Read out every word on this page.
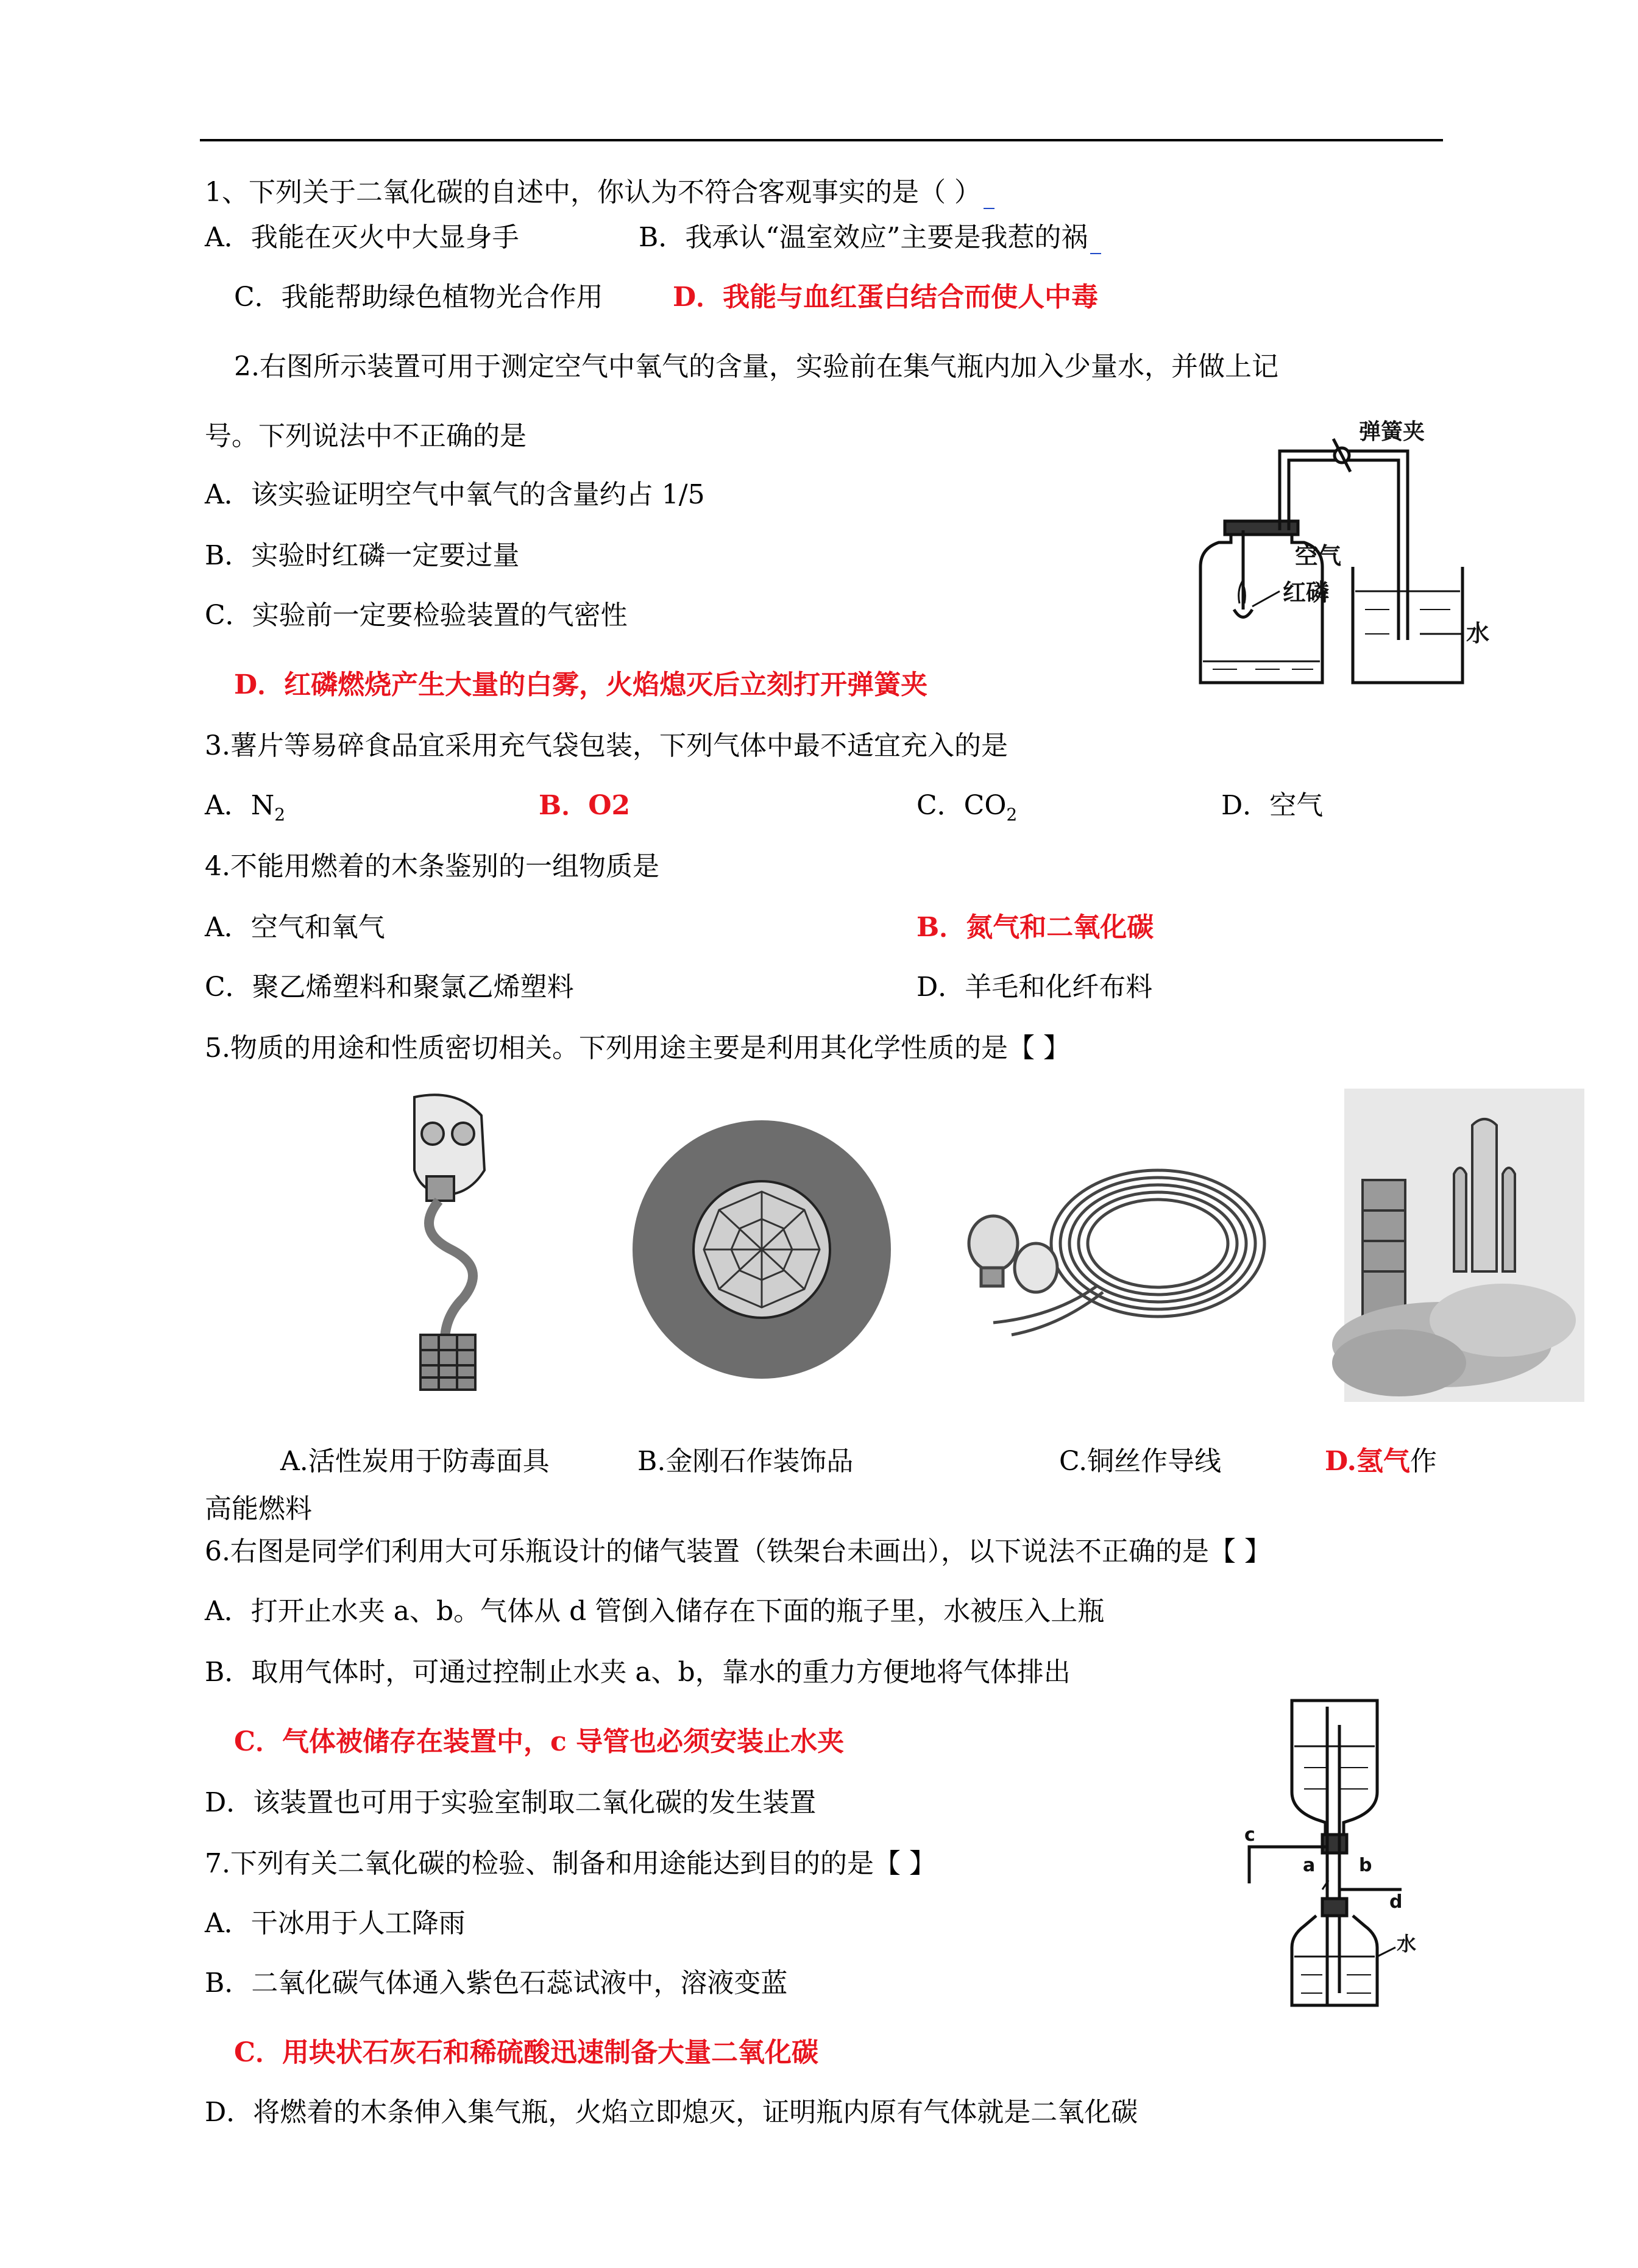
1、下列关于二氧化碳的自述中，你认为不符合客观事实的是（ ）
A．我能在灭火中大显身手	B．我承认“温室效应”主要是我惹的祸
C．我能帮助绿色植物光合作用	D．我能与血红蛋白结合而使人中毒
2.右图所示装置可用于测定空气中氧气的含量，实验前在集气瓶内加入少量水，并做上记
号。下列说法中不正确的是
A．该实验证明空气中氧气的含量约占 1/5
B．实验时红磷一定要过量
C．实验前一定要检验装置的气密性
D．红磷燃烧产生大量的白雾，火焰熄灭后立刻打开弹簧夹
弹簧夹
空气
红磷
水
3.薯片等易碎食品宜采用充气袋包装，下列气体中最不适宜充入的是
A．$N_2$	B．O2	C．$CO_2$	D．空气
4.不能用燃着的木条鉴别的一组物质是
A．空气和氧气	B．氮气和二氧化碳
C．聚乙烯塑料和聚氯乙烯塑料	D．羊毛和化纤布料
5.物质的用途和性质密切相关。下列用途主要是利用其化学性质的是【 】
A.活性炭用于防毒面具	B.金刚石作装饰品	C.铜丝作导线	D.氢气作
高能燃料
6.右图是同学们利用大可乐瓶设计的储气装置（铁架台未画出），以下说法不正确的是【 】
A．打开止水夹 a、b。气体从 d 管倒入储存在下面的瓶子里，水被压入上瓶
B．取用气体时，可通过控制止水夹 a、b，靠水的重力方便地将气体排出
C．气体被储存在装置中，c 导管也必须安装止水夹
D．该装置也可用于实验室制取二氧化碳的发生装置
c
a b
d
水
7.下列有关二氧化碳的检验、制备和用途能达到目的的是【 】
A．干冰用于人工降雨
B．二氧化碳气体通入紫色石蕊试液中，溶液变蓝
C．用块状石灰石和稀硫酸迅速制备大量二氧化碳
D．将燃着的木条伸入集气瓶，火焰立即熄灭，证明瓶内原有气体就是二氧化碳
